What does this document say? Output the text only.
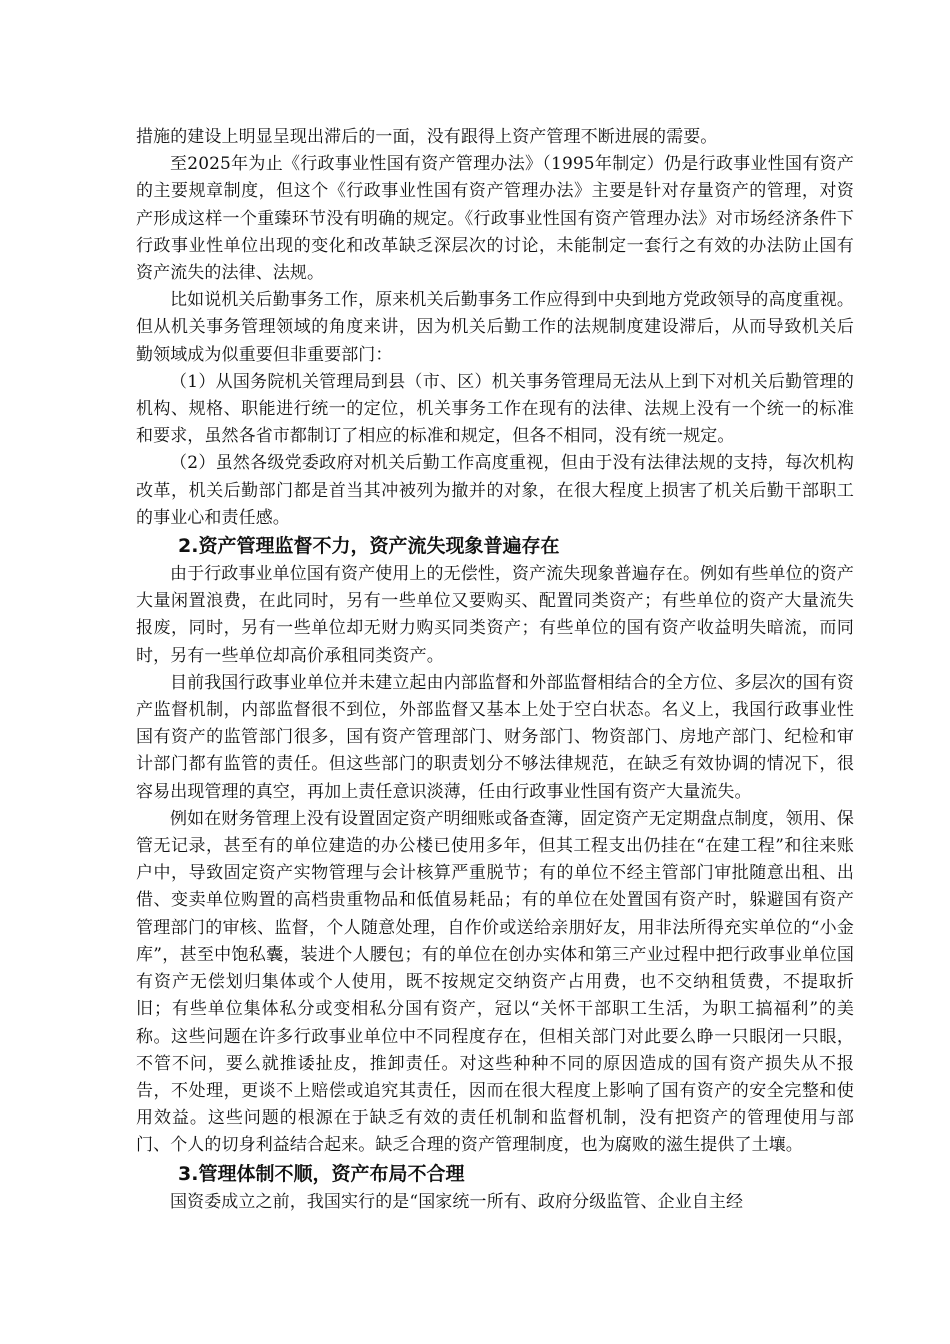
措施的建设上明显呈现出滞后的一面，没有跟得上资产管理不断进展的需要。

至2025年为止《行政事业性国有资产管理办法》（1995年制定）仍是行政事业性国有资产的主要规章制度，但这个《行政事业性国有资产管理办法》主要是针对存量资产的管理，对资产形成这样一个重臻环节没有明确的规定。《行政事业性国有资产管理办法》对市场经济条件下行政事业性单位出现的变化和改革缺乏深层次的讨论，未能制定一套行之有效的办法防止国有资产流失的法律、法规。

比如说机关后勤事务工作，原来机关后勤事务工作应得到中央到地方党政领导的高度重视。但从机关事务管理领域的角度来讲，因为机关后勤工作的法规制度建设滞后，从而导致机关后勤领域成为似重要但非重要部门：

（1）从国务院机关管理局到县（市、区）机关事务管理局无法从上到下对机关后勤管理的机构、规格、职能进行统一的定位，机关事务工作在现有的法律、法规上没有一个统一的标准和要求，虽然各省市都制订了相应的标准和规定，但各不相同，没有统一规定。

（2）虽然各级党委政府对机关后勤工作高度重视，但由于没有法律法规的支持，每次机构改革，机关后勤部门都是首当其冲被列为撤并的对象，在很大程度上损害了机关后勤干部职工的事业心和责任感。

2.资产管理监督不力，资产流失现象普遍存在

由于行政事业单位国有资产使用上的无偿性，资产流失现象普遍存在。例如有些单位的资产大量闲置浪费，在此同时，另有一些单位又要购买、配置同类资产；有些单位的资产大量流失报废，同时，另有一些单位却无财力购买同类资产；有些单位的国有资产收益明失暗流，而同时，另有一些单位却高价承租同类资产。

目前我国行政事业单位并未建立起由内部监督和外部监督相结合的全方位、多层次的国有资产监督机制，内部监督很不到位，外部监督又基本上处于空白状态。名义上，我国行政事业性国有资产的监管部门很多，国有资产管理部门、财务部门、物资部门、房地产部门、纪检和审计部门都有监管的责任。但这些部门的职责划分不够法律规范，在缺乏有效协调的情况下，很容易出现管理的真空，再加上责任意识淡薄，任由行政事业性国有资产大量流失。

例如在财务管理上没有设置固定资产明细账或备查簿，固定资产无定期盘点制度，领用、保管无记录，甚至有的单位建造的办公楼已使用多年，但其工程支出仍挂在“在建工程”和往来账户中，导致固定资产实物管理与会计核算严重脱节；有的单位不经主管部门审批随意出租、出借、变卖单位购置的高档贵重物品和低值易耗品；有的单位在处置国有资产时，躲避国有资产管理部门的审核、监督，个人随意处理，自作价或送给亲朋好友，用非法所得充实单位的“小金库”，甚至中饱私囊，装进个人腰包；有的单位在创办实体和第三产业过程中把行政事业单位国有资产无偿划归集体或个人使用，既不按规定交纳资产占用费，也不交纳租赁费，不提取折旧；有些单位集体私分或变相私分国有资产，冠以“关怀干部职工生活，为职工搞福利”的美称。这些问题在许多行政事业单位中不同程度存在，但相关部门对此要么睁一只眼闭一只眼，不管不问，要么就推诿扯皮，推卸责任。对这些种种不同的原因造成的国有资产损失从不报告，不处理，更谈不上赔偿或追究其责任，因而在很大程度上影响了国有资产的安全完整和使用效益。这些问题的根源在于缺乏有效的责任机制和监督机制，没有把资产的管理使用与部门、个人的切身利益结合起来。缺乏合理的资产管理制度，也为腐败的滋生提供了土壤。

3.管理体制不顺，资产布局不合理

国资委成立之前，我国实行的是“国家统一所有、政府分级监管、企业自主经
